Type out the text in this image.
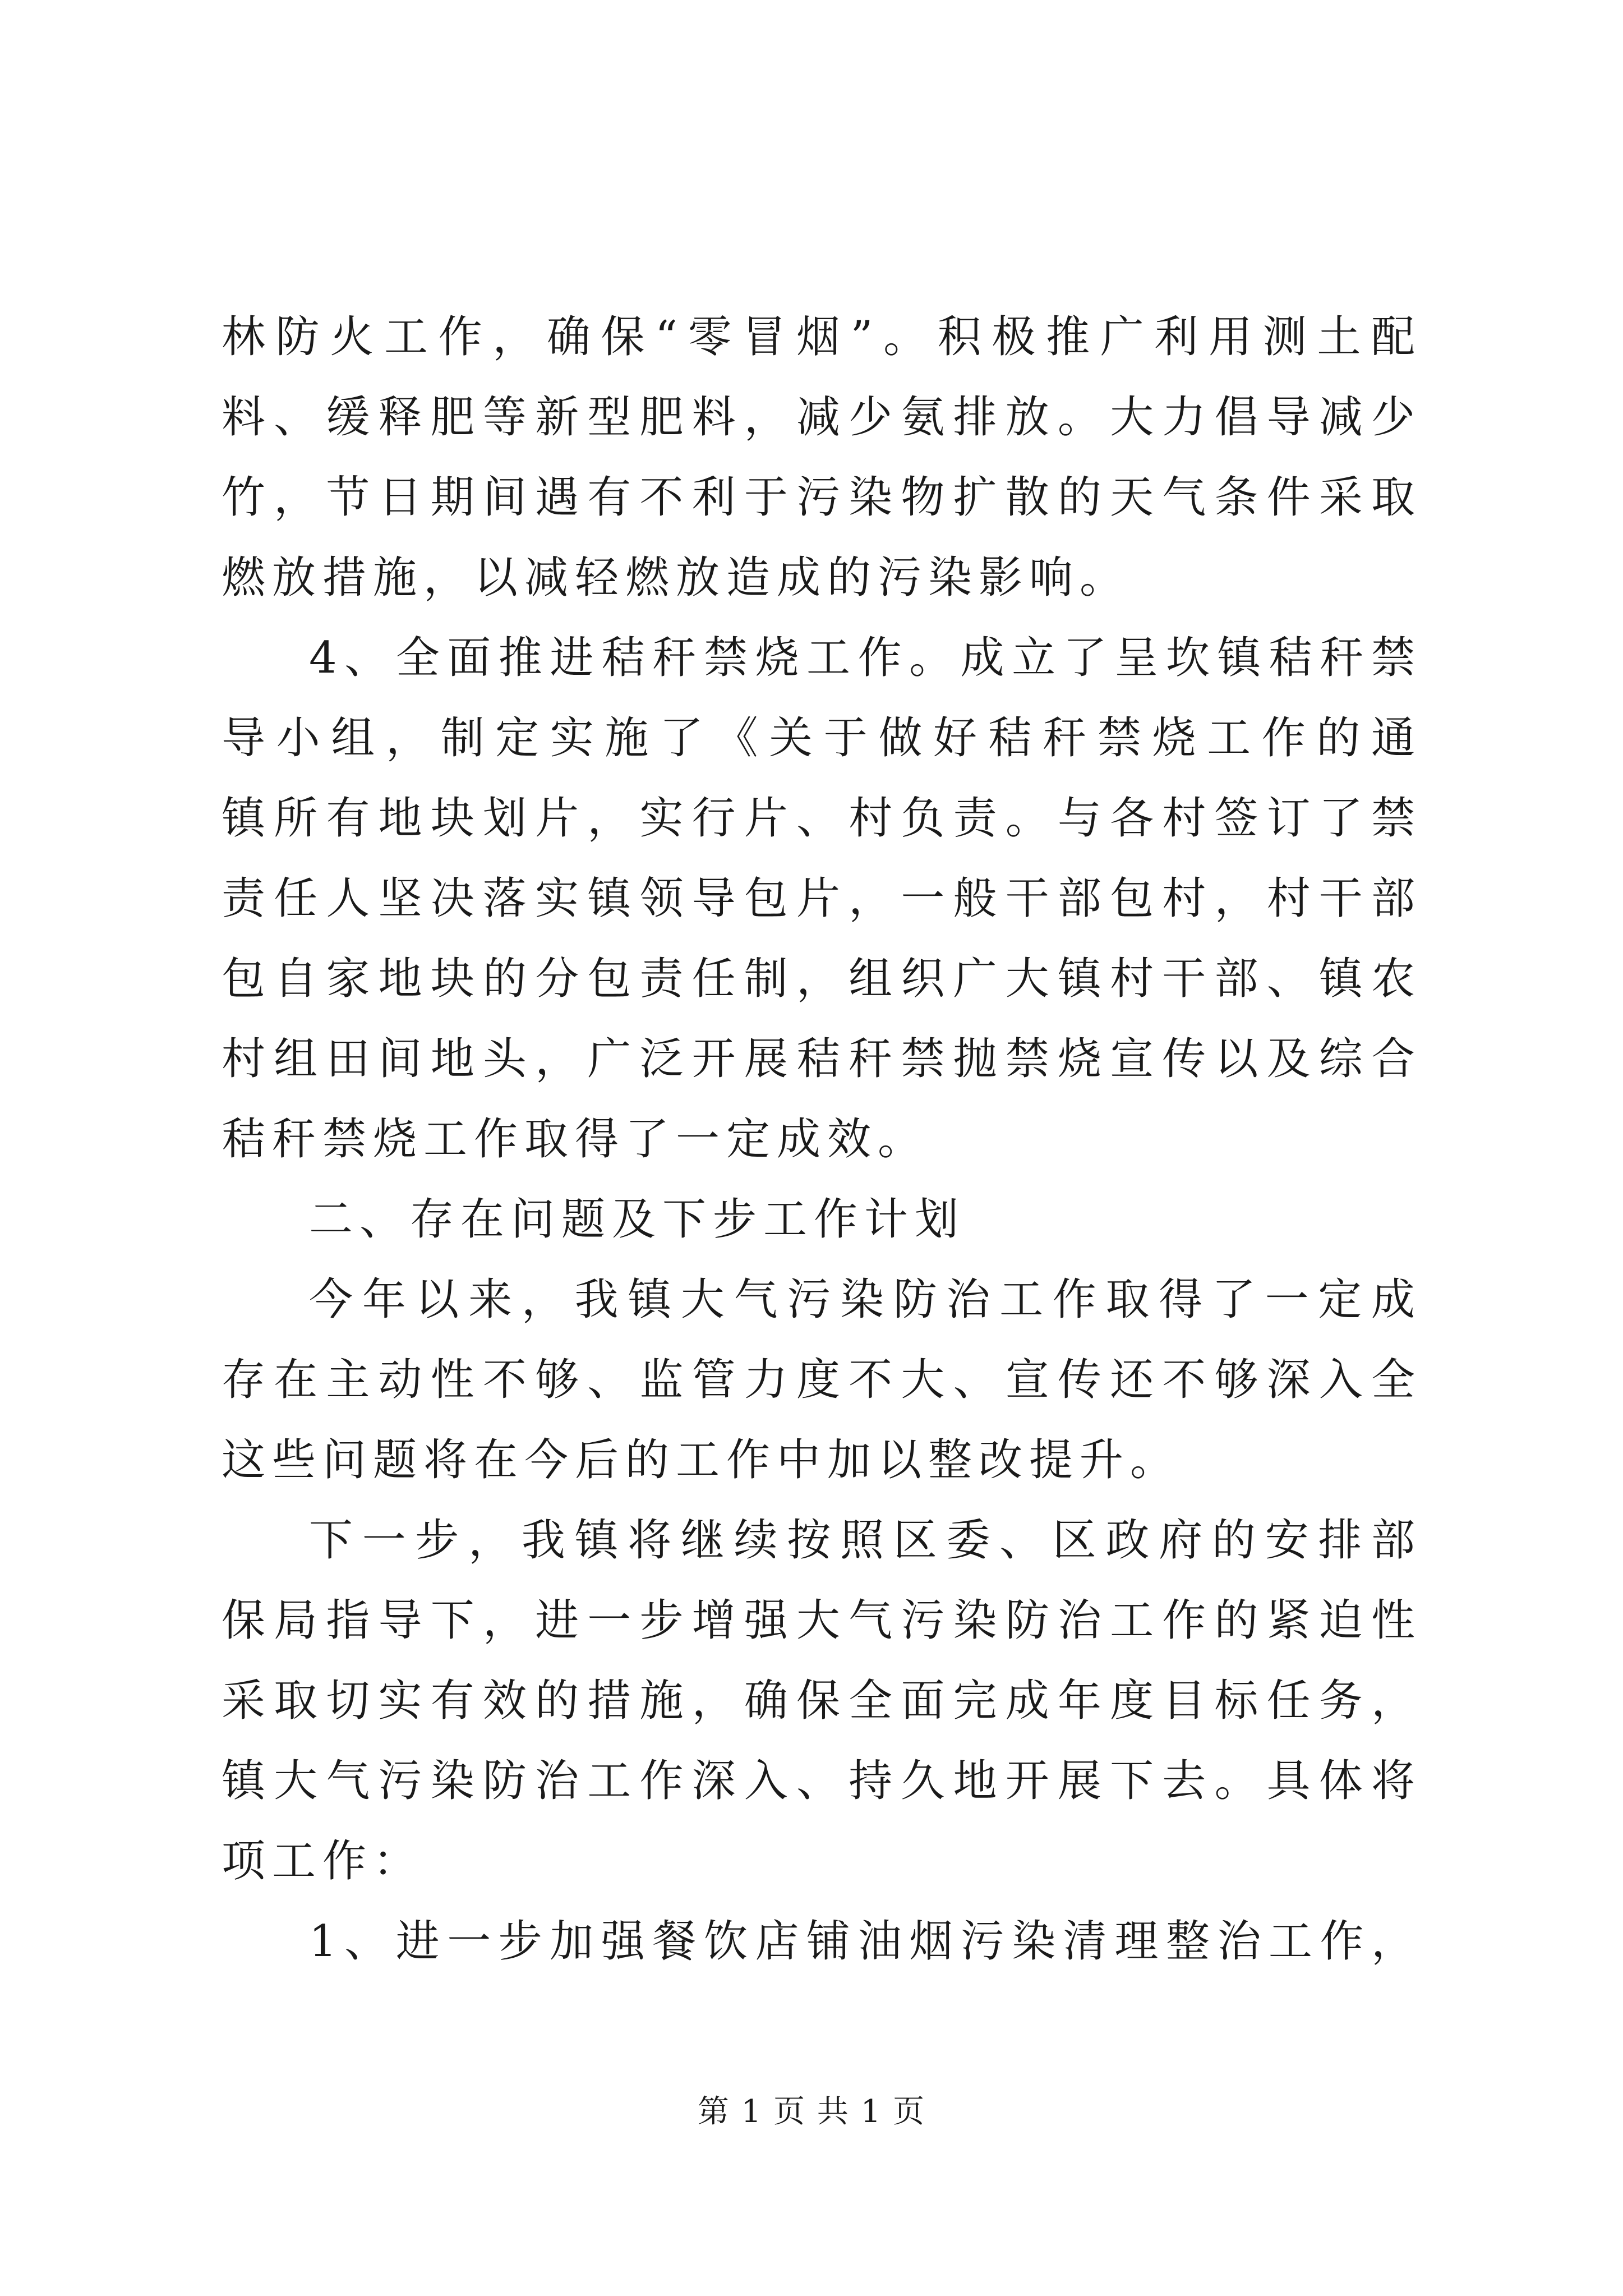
林防火工作，确保“零冒烟”。积极推广利用测土配
料、缓释肥等新型肥料，减少氨排放。大力倡导减少
竹，节日期间遇有不利于污染物扩散的天气条件采取
燃放措施，以减轻燃放造成的污染影响。
4、全面推进秸秆禁烧工作。成立了呈坎镇秸秆禁
导小组，制定实施了《关于做好秸秆禁烧工作的通
镇所有地块划片，实行片、村负责。与各村签订了禁
责任人坚决落实镇领导包片，一般干部包村，村干部
包自家地块的分包责任制，组织广大镇村干部、镇农
村组田间地头，广泛开展秸秆禁抛禁烧宣传以及综合
秸秆禁烧工作取得了一定成效。
二、存在问题及下步工作计划
今年以来，我镇大气污染防治工作取得了一定成
存在主动性不够、监管力度不大、宣传还不够深入全
这些问题将在今后的工作中加以整改提升。
下一步，我镇将继续按照区委、区政府的安排部
保局指导下，进一步增强大气污染防治工作的紧迫性
采取切实有效的措施，确保全面完成年度目标任务，
镇大气污染防治工作深入、持久地开展下去。具体将
项工作：
1、进一步加强餐饮店铺油烟污染清理整治工作，
第 1 页 共 1 页
